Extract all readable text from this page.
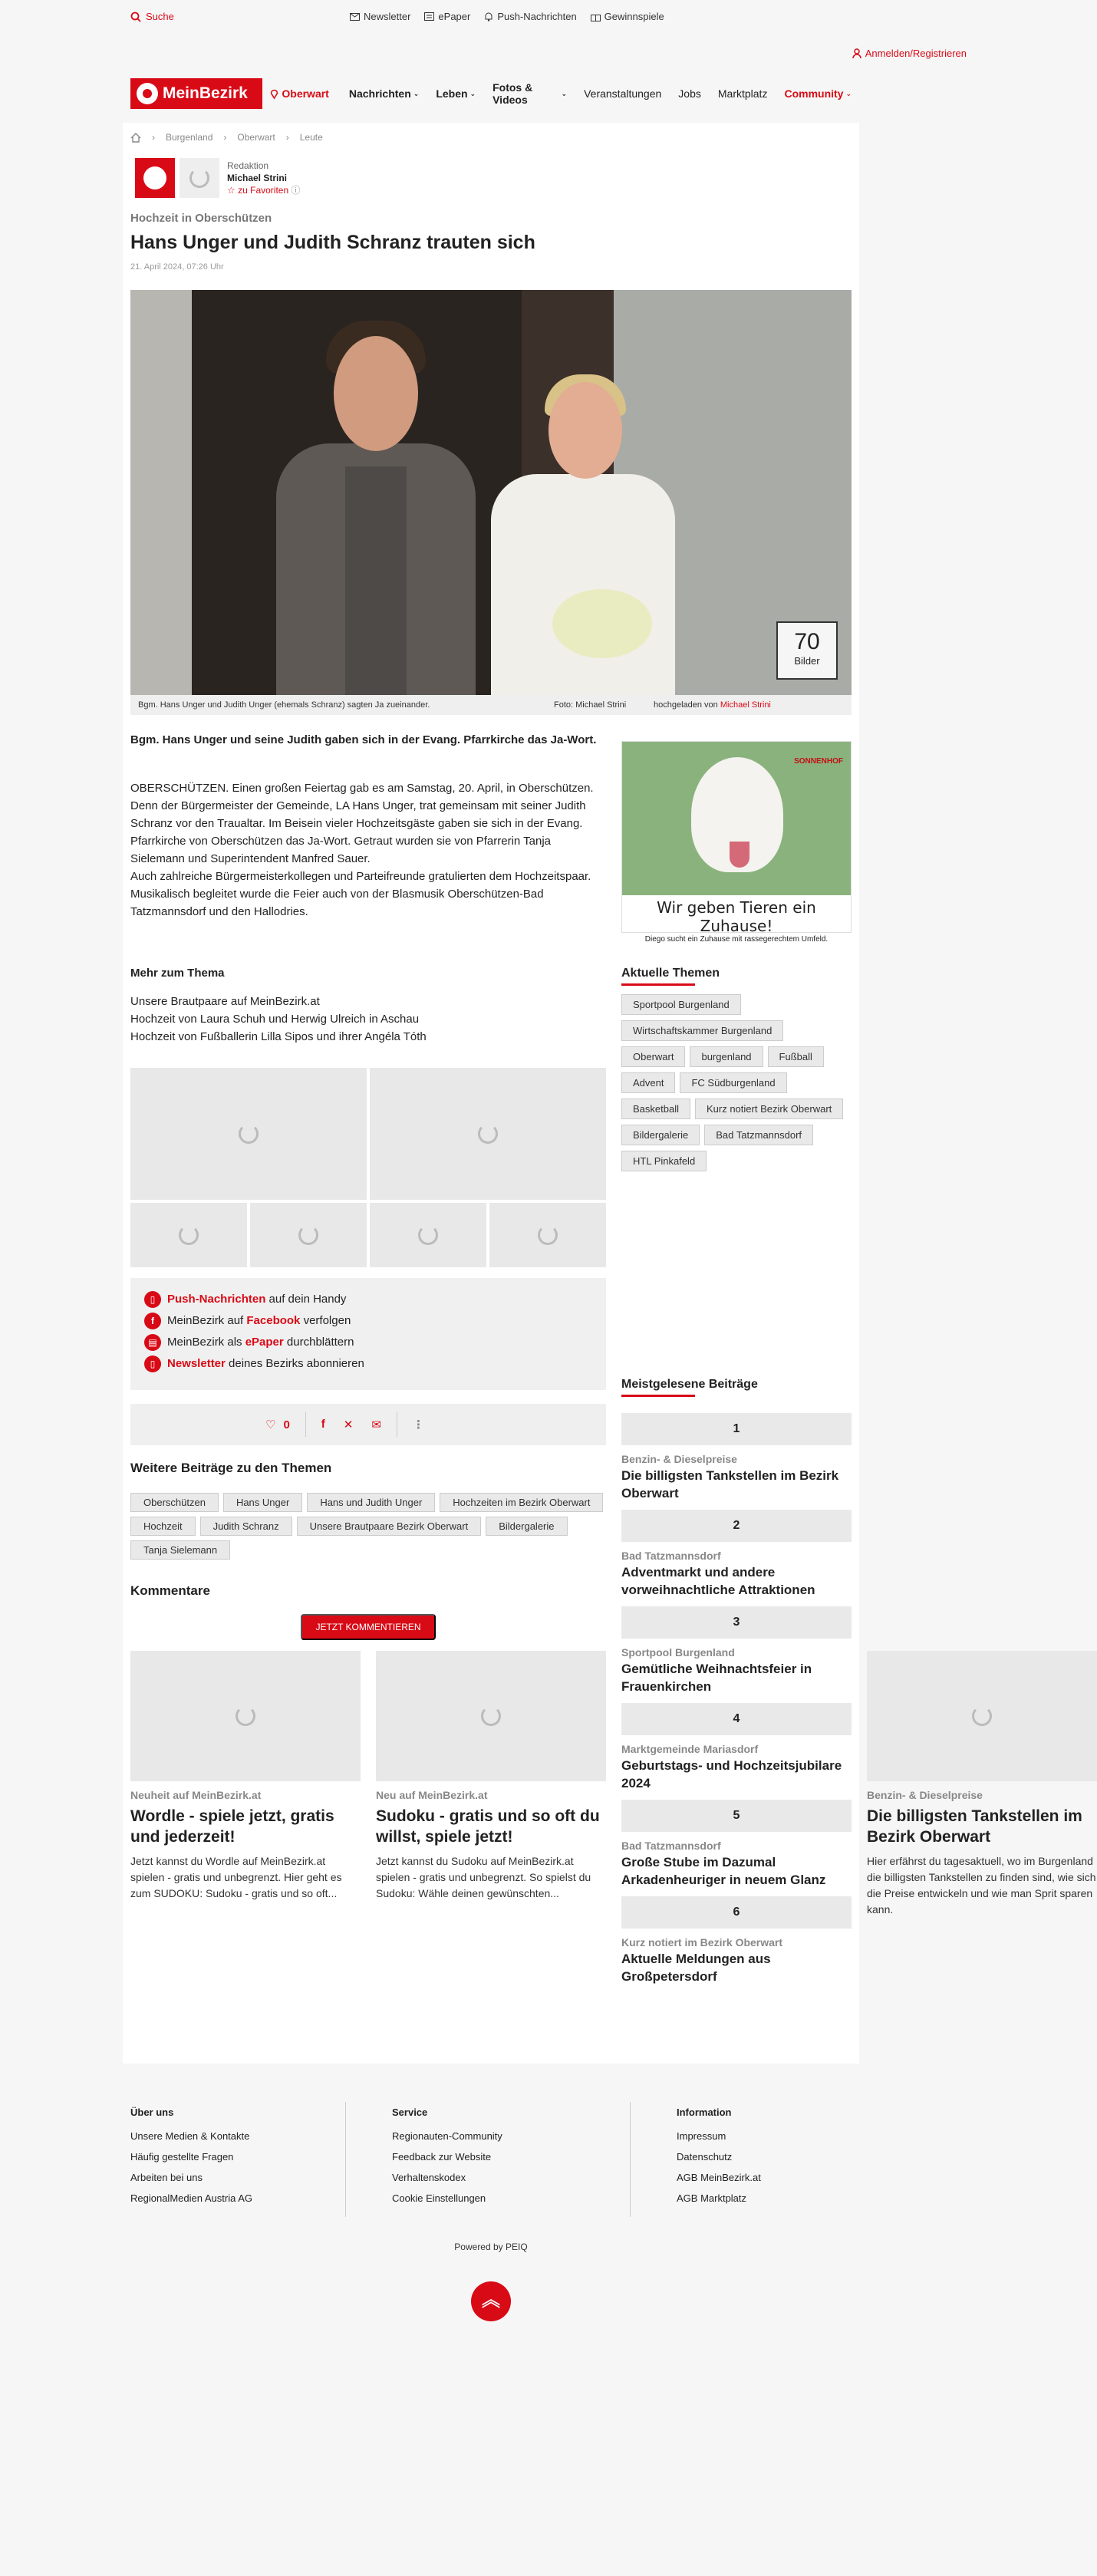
Suche	Newsletter	ePaper	Push-Nachrichten	Gewinnspiele
Anmelden/Registrieren
MeinBezirk	Oberwart Nachrichten ⌄ Leben ⌄ Fotos & Videos
⌄ Veranstaltungen Jobs Marktplatz Community ⌄
› Burgenland › Oberwart › Leute
Redaktion
Michael Strini
☆ zu Favoriten ⓘ
Hochzeit in Oberschützen
Hans Unger und Judith Schranz trauten sich
21. April 2024, 07:26 Uhr
70
Bilder
Bgm. Hans Unger und Judith Unger (ehemals Schranz) sagten Ja zueinander.	Foto: Michael Strini	hochgeladen von
Michael Strini

Bgm. Hans Unger und seine Judith gaben sich in der Evang. Pfarrkirche das Ja-Wort.

OBERSCHÜTZEN. Einen großen Feiertag gab es am Samstag, 20. April, in Oberschützen. Denn der Bürgermeister der Gemeinde, LA Hans Unger, trat gemeinsam mit seiner Judith Schranz vor den Traualtar. Im Beisein vieler Hochzeitsgäste gaben sie sich in der Evang. Pfarrkirche von Oberschützen das Ja-Wort. Getraut wurden sie von Pfarrerin Tanja Sielemann und Superintendent Manfred Sauer.

Auch zahlreiche Bürgermeisterkollegen und Parteifreunde gratulierten dem Hochzeitspaar. Musikalisch begleitet wurde die Feier auch von der Blasmusik Oberschützen-Bad Tatzmannsdorf und den Hallodries.

Mehr zum Thema
Unsere Brautpaare auf MeinBezirk.at
Hochzeit von Laura Schuh und Herwig Ulreich in Aschau
Hochzeit von Fußballerin Lilla Sipos und ihrer Angéla Tóth
▯	Push-Nachrichten auf dein Handy
f	MeinBezirk auf Facebook verfolgen
▤ MeinBezirk als ePaper durchblättern
▯	Newsletter deines Bezirks abonnieren
♡ 0	f ✕ ✉	⋮
Weitere Beiträge zu den Themen
Oberschützen	Hans Unger	Hans und Judith Unger	Hochzeiten im Bezirk Oberwart
Hochzeit	Judith Schranz	Unsere Brautpaare Bezirk Oberwart	Bildergalerie
Tanja Sielemann
Kommentare
JETZT KOMMENTIEREN
SONNENHOF
Wir geben Tieren ein Zuhause!
Diego sucht ein Zuhause mit rassegerechtem Umfeld.
Aktuelle Themen
Sportpool Burgenland
Wirtschaftskammer Burgenland
Oberwart	burgenland	Fußball
Advent	FC Südburgenland
Basketball	Kurz notiert Bezirk Oberwart
Bildergalerie	Bad Tatzmannsdorf
HTL Pinkafeld
Meistgelesene Beiträge
1
Benzin- & Dieselpreise
Die billigsten Tankstellen im Bezirk Oberwart
2
Bad Tatzmannsdorf
Adventmarkt und andere vorweihnachtliche Attraktionen
3
Sportpool Burgenland
Gemütliche Weihnachtsfeier in Frauenkirchen
4
Marktgemeinde Mariasdorf
Geburtstags- und Hochzeitsjubilare 2024
5
Bad Tatzmannsdorf
Große Stube im Dazumal Arkadenheuriger in neuem Glanz
6
Kurz notiert im Bezirk Oberwart
Aktuelle Meldungen aus Großpetersdorf
Neuheit auf MeinBezirk.at
Wordle - spiele jetzt, gratis und jederzeit!
Jetzt kannst du Wordle auf MeinBezirk.at spielen - gratis und unbegrenzt. Hier geht es zum SUDOKU: Sudoku - gratis und so oft...
Neu auf MeinBezirk.at
Sudoku - gratis und so oft du willst, spiele jetzt!
Jetzt kannst du Sudoku auf MeinBezirk.at spielen - gratis und unbegrenzt. So spielst du Sudoku: Wähle deinen gewünschten...
Benzin- & Dieselpreise
Die billigsten Tankstellen im Bezirk Oberwart
Hier erfährst du tagesaktuell, wo im Burgenland die billigsten Tankstellen zu finden sind, wie sich die Preise entwickeln und wie man Sprit sparen kann.
Über uns
Unsere Medien & Kontakte
Häufig gestellte Fragen
Arbeiten bei uns
RegionalMedien Austria AG
Service
Regionauten-Community
Feedback zur Website
Verhaltenskodex
Cookie Einstellungen
Information
Impressum
Datenschutz
AGB MeinBezirk.at
AGB Marktplatz
Powered by PEIQ
︽
